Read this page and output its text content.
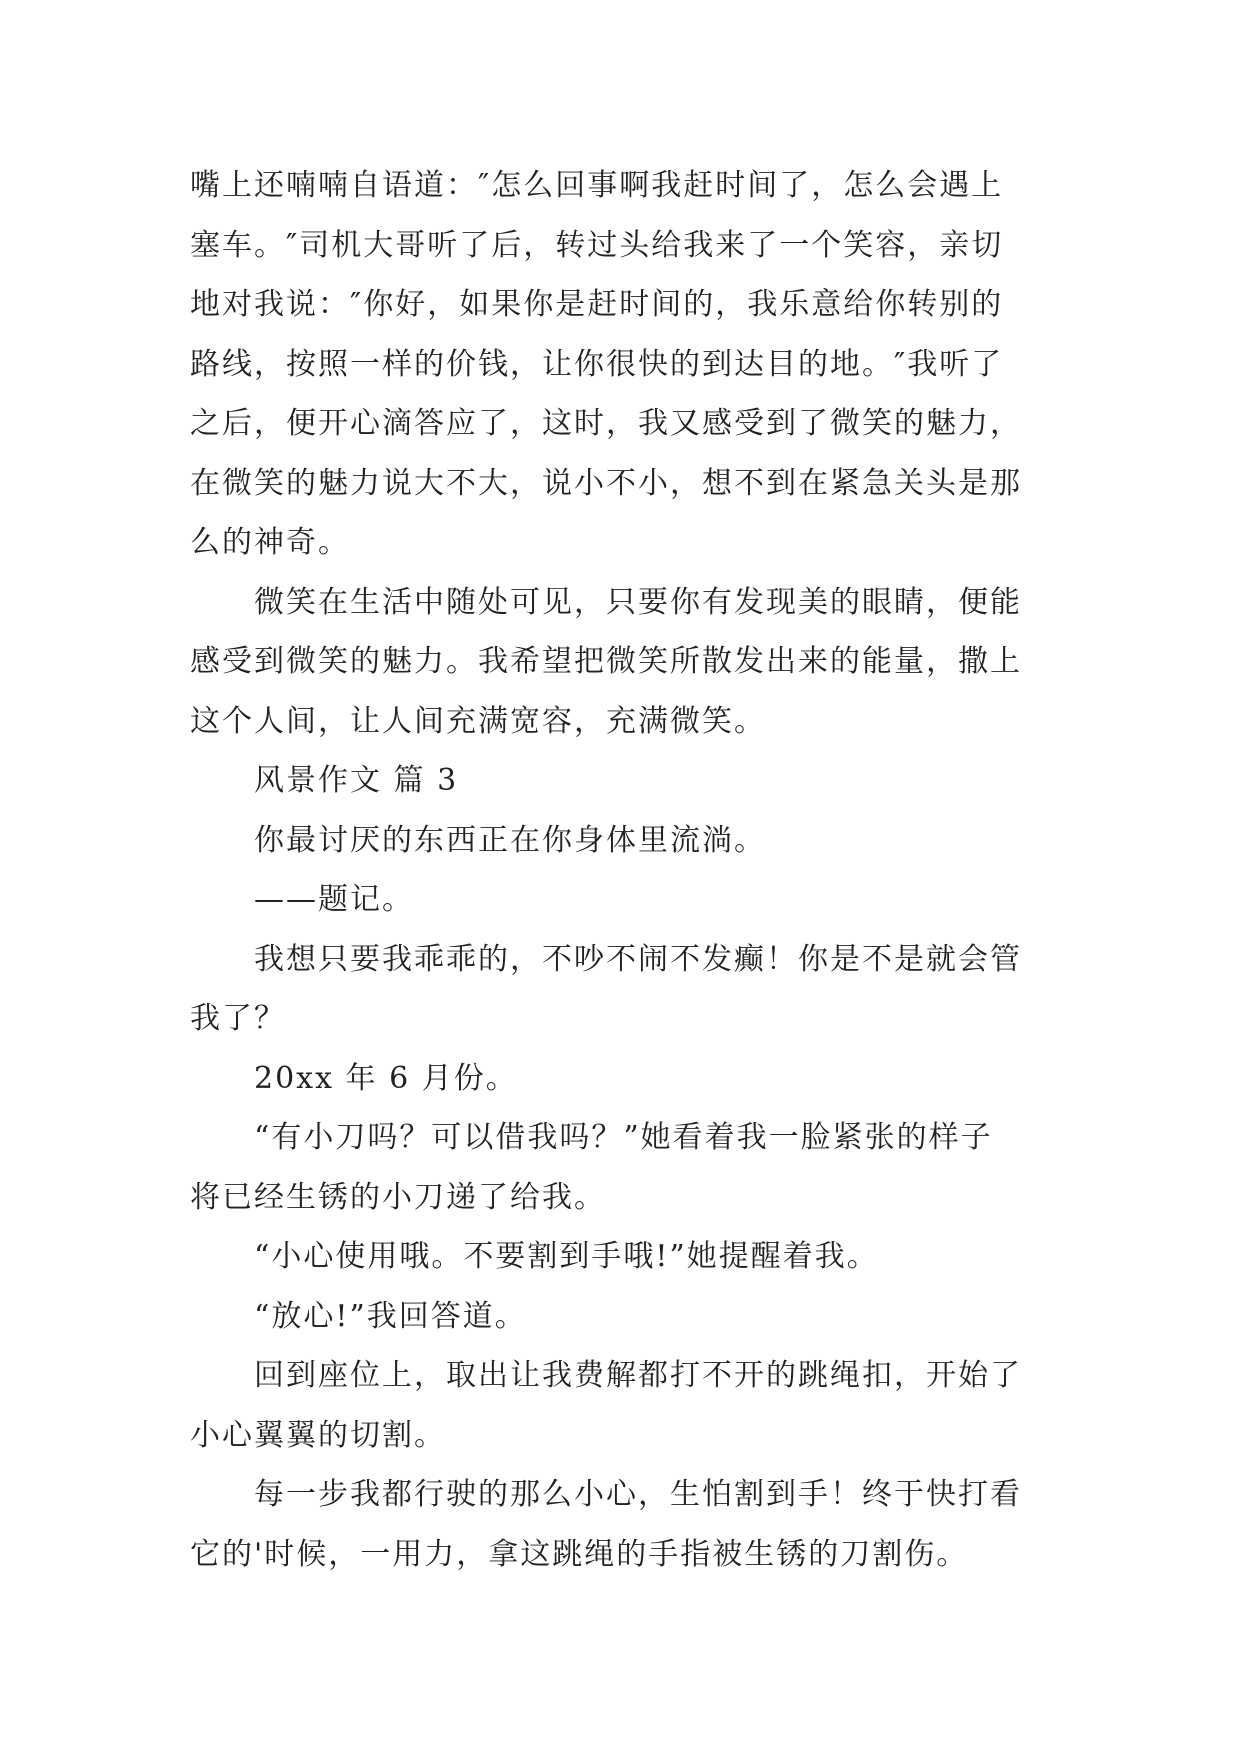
嘴上还喃喃自语道：″怎么回事啊我赶时间了，怎么会遇上
塞车。″司机大哥听了后，转过头给我来了一个笑容，亲切
地对我说：″你好，如果你是赶时间的，我乐意给你转别的
路线，按照一样的价钱，让你很快的到达目的地。″我听了
之后，便开心滴答应了，这时，我又感受到了微笑的魅力，
在微笑的魅力说大不大，说小不小，想不到在紧急关头是那
么的神奇。
微笑在生活中随处可见，只要你有发现美的眼睛，便能
感受到微笑的魅力。我希望把微笑所散发出来的能量，撒上
这个人间，让人间充满宽容，充满微笑。
风景作文 篇 3
你最讨厌的东西正在你身体里流淌。
——题记。
我想只要我乖乖的，不吵不闹不发癫！你是不是就会管
我了？
20xx 年 6 月份。
“有小刀吗？可以借我吗？”她看着我一脸紧张的样子
将已经生锈的小刀递了给我。
“小心使用哦。不要割到手哦!”她提醒着我。
“放心!”我回答道。
回到座位上，取出让我费解都打不开的跳绳扣，开始了
小心翼翼的切割。
每一步我都行驶的那么小心，生怕割到手！终于快打看
它的'时候，一用力，拿这跳绳的手指被生锈的刀割伤。
